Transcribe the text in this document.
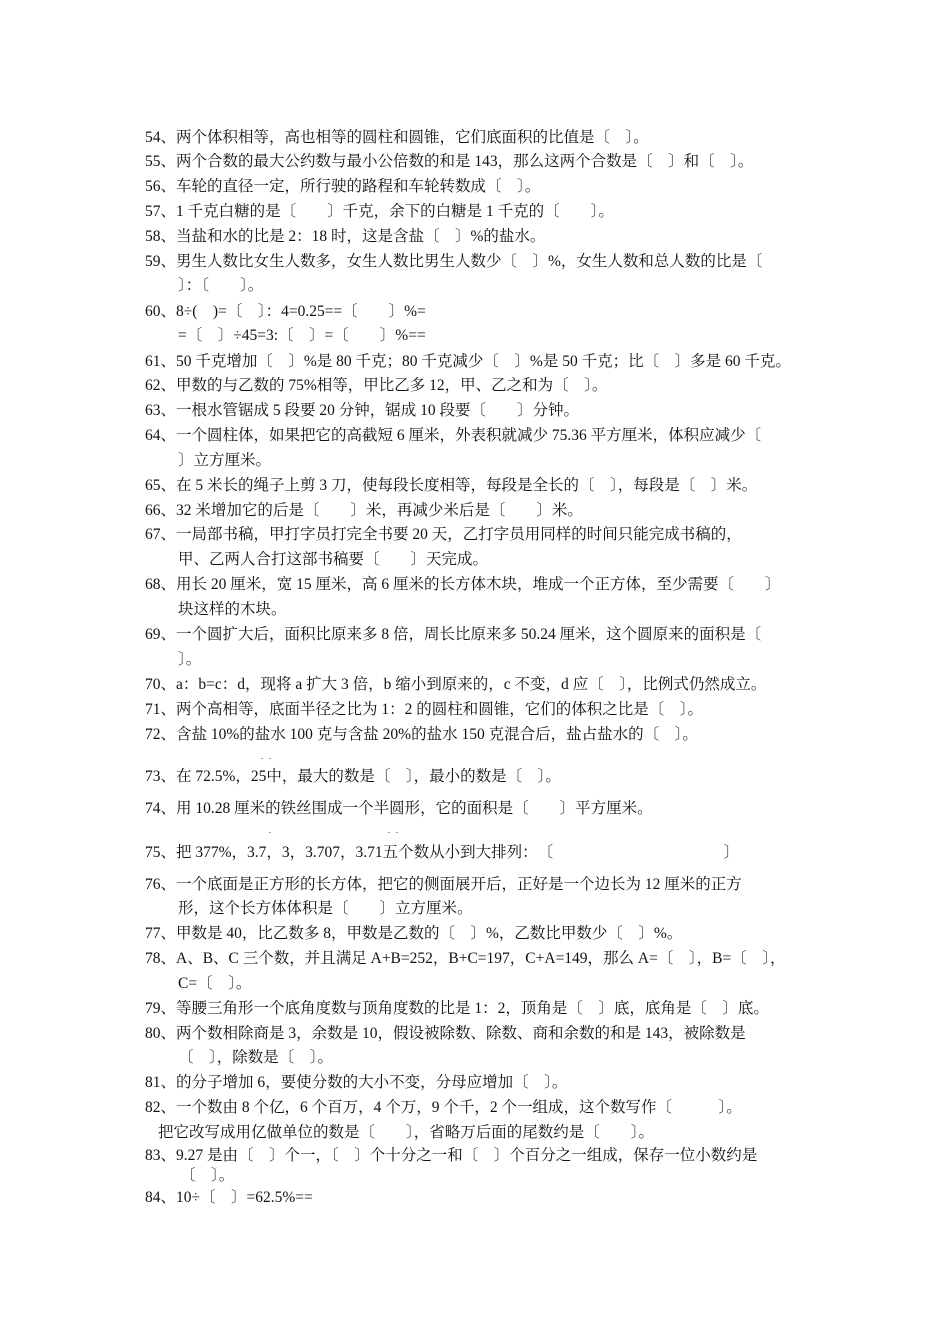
54、两个体积相等，高也相等的圆柱和圆锥，它们底面积的比值是〔　〕。
55、两个合数的最大公约数与最小公倍数的和是 143，那么这两个合数是〔　〕和〔　〕。
56、车轮的直径一定，所行驶的路程和车轮转数成〔　〕。
57、1 千克白糖的是〔　　〕千克，余下的白糖是 1 千克的〔　　〕。
58、当盐和水的比是 2：18 时，这是含盐〔　〕%的盐水。
59、男生人数比女生人数多，女生人数比男生人数少〔　〕%，女生人数和总人数的比是〔
〕：〔　　〕。
60、8÷(　)=〔　〕：4=0.25==〔　　〕%=
=〔　〕÷45=3:〔　〕=〔　　〕%==
61、50 千克增加〔　〕%是 80 千克；80 千克减少〔　〕%是 50 千克；比〔　〕多是 60 千克。
62、甲数的与乙数的 75%相等，甲比乙多 12，甲、乙之和为〔　〕。
63、一根水管锯成 5 段要 20 分钟，锯成 10 段要〔　　〕分钟。
64、一个圆柱体，如果把它的高截短 6 厘米，外表积就减少 75.36 平方厘米，体积应减少〔
〕立方厘米。
65、在 5 米长的绳子上剪 3 刀，使每段长度相等，每段是全长的〔　〕，每段是〔　〕米。
66、32 米增加它的后是〔　　〕米，再减少米后是〔　　〕米。
67、一局部书稿，甲打字员打完全书要 20 天，乙打字员用同样的时间只能完成书稿的，
甲、乙两人合打这部书稿要〔　　〕天完成。
68、用长 20 厘米，宽 15 厘米，高 6 厘米的长方体木块，堆成一个正方体，至少需要〔　　〕
块这样的木块。
69、一个圆扩大后，面积比原来多 8 倍，周长比原来多 50.24 厘米，这个圆原来的面积是〔
〕。
70、a：b=c：d，现将 a 扩大 3 倍，b 缩小到原来的，c 不变，d 应〔　〕，比例式仍然成立。
71、两个高相等，底面半径之比为 1：2 的圆柱和圆锥，它们的体积之比是〔　〕。
72、含盐 10%的盐水 100 克与含盐 20%的盐水 150 克混合后，盐占盐水的〔　〕。
˙ ˙
73、在 72.5%，25中，最大的数是〔　〕，最小的数是〔　〕。
74、用 10.28 厘米的铁丝围成一个半圆形，它的面积是〔　　〕平方厘米。
˙	˙ ˙
75、把 377%，3.7，3，3.707，3.71五个数从小到大排列：　〔　　　　　　　　　　　〕
76、一个底面是正方形的长方体，把它的侧面展开后，正好是一个边长为 12 厘米的正方
形，这个长方体体积是〔　　〕立方厘米。
77、甲数是 40，比乙数多 8，甲数是乙数的〔　〕%，乙数比甲数少〔　〕%。
78、A、B、C 三个数，并且满足 A+B=252，B+C=197，C+A=149，那么 A=〔　〕，B=〔　〕，
C=〔　〕。
79、等腰三角形一个底角度数与顶角度数的比是 1：2，顶角是〔　〕底，底角是〔　〕底。
80、两个数相除商是 3，余数是 10，假设被除数、除数、商和余数的和是 143，被除数是
〔　〕，除数是〔　〕。
81、的分子增加 6，要使分数的大小不变，分母应增加〔　〕。
82、一个数由 8 个亿，6 个百万，4 个万，9 个千，2 个一组成，这个数写作〔　　　〕。
把它改写成用亿做单位的数是〔　　〕，省略万后面的尾数约是〔　　〕。
83、9.27 是由〔　〕个一，〔　〕个十分之一和〔　〕个百分之一组成，保存一位小数约是
〔　〕。
84、10÷〔　〕=62.5%==
